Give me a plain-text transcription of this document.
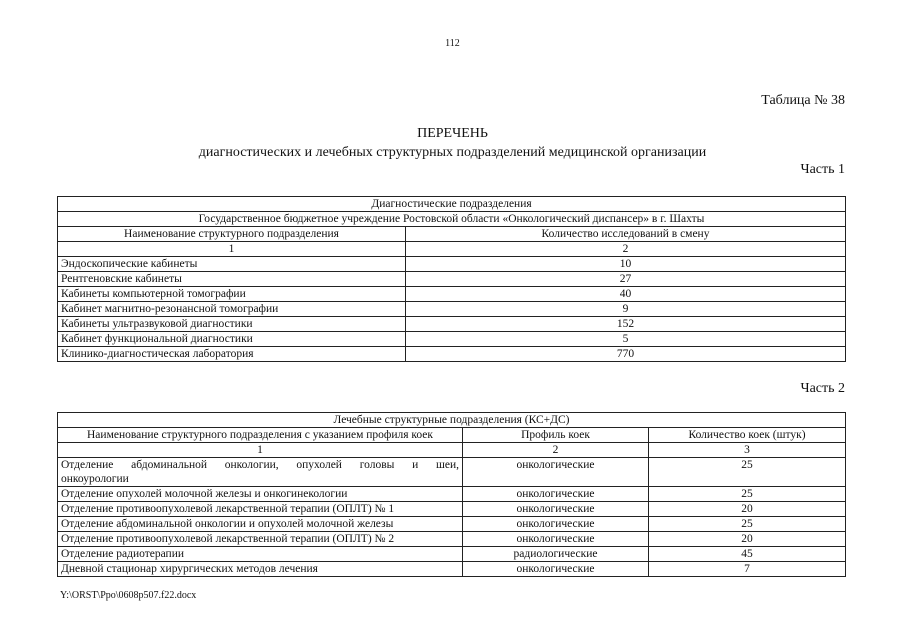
112
Таблица № 38
ПЕРЕЧЕНЬ
диагностических и лечебных структурных подразделений медицинской организации
Часть 1
Диагностические подразделения	
Государственное бюджетное учреждение Ростовской области «Онкологический диспансер» в г. Шахты	
Наименование структурного подразделения	Количество исследований в смену
1	2
Эндоскопические кабинеты	10
Рентгеновские кабинеты	27
Кабинеты компьютерной томографии	40
Кабинет магнитно-резонансной томографии	9
Кабинеты ультразвуковой диагностики	152
Кабинет функциональной диагностики	5
Клинико-диагностическая лаборатория	770
Часть 2
Лечебные структурные подразделения (КС+ДС)		
Наименование структурного подразделения с указанием профиля коек	Профиль коек	Количество коек (штук)
1	2	3

Отделение абдоминальной онкологии, опухолей головы и шеи,
онкоурологии	онкологические	25
Отделение опухолей молочной железы и онкогинекологии	онкологические	25
Отделение противоопухолевой лекарственной терапии (ОПЛТ) № 1	онкологические	20
Отделение абдоминальной онкологии и опухолей молочной железы	онкологические	25
Отделение противоопухолевой лекарственной терапии (ОПЛТ) № 2	онкологические	20
Отделение радиотерапии	радиологические	45
Дневной стационар хирургических методов лечения	онкологические	7
Y:\ORST\Ppo\0608p507.f22.docx
